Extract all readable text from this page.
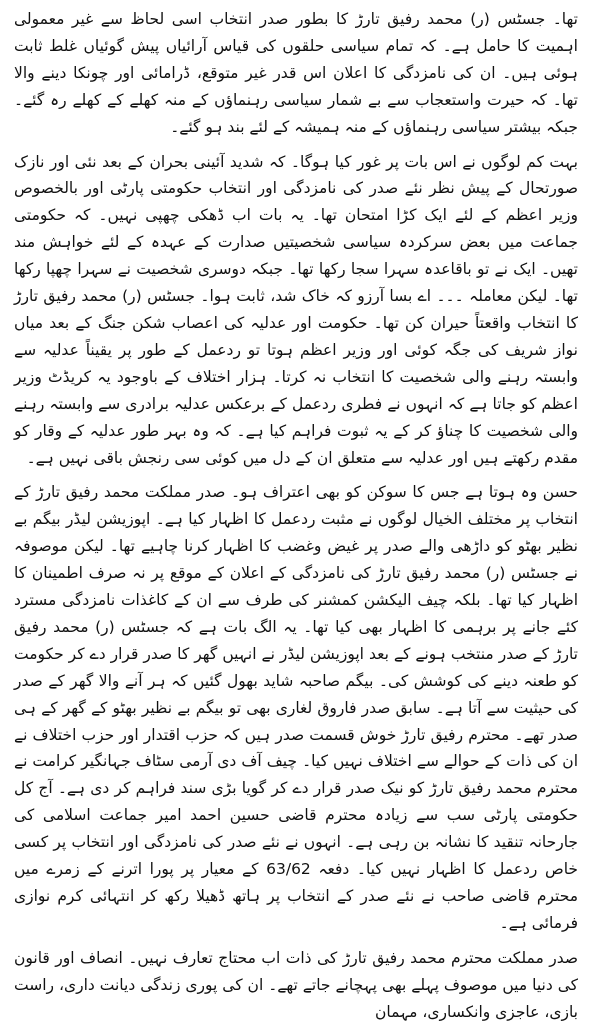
تھا۔ جسٹس (ر) محمد رفیق تارڑ کا بطور صدر انتخاب اسی لحاظ سے غیر معمولی اہمیت کا حامل ہے۔ کہ تمام سیاسی حلقوں کی قیاس آرائیاں پیش گوئیاں غلط ثابت ہوئی ہیں۔ ان کی نامزدگی کا اعلان اس قدر غیر متوقع، ڈرامائی اور چونکا دینے والا تھا۔ کہ حیرت واستعجاب سے بے شمار سیاسی رہنماؤں کے منہ کھلے کے کھلے رہ گئے۔ جبکہ بیشتر سیاسی رہنماؤں کے منہ ہمیشہ کے لئے بند ہو گئے۔

بہت کم لوگوں نے اس بات پر غور کیا ہوگا۔ کہ شدید آئینی بحران کے بعد نئی اور نازک صورتحال کے پیش نظر نئے صدر کی نامزدگی اور انتخاب حکومتی پارٹی اور بالخصوص وزیر اعظم کے لئے ایک کڑا امتحان تھا۔ یہ بات اب ڈھکی چھپی نہیں۔ کہ حکومتی جماعت میں بعض سرکردہ سیاسی شخصیتیں صدارت کے عہدہ کے لئے خواہش مند تھیں۔ ایک نے تو باقاعدہ سہرا سجا رکھا تھا۔ جبکہ دوسری شخصیت نے سہرا چھپا رکھا تھا۔ لیکن معاملہ ۔۔۔ اے بسا آرزو کہ خاک شد، ثابت ہوا۔ جسٹس (ر) محمد رفیق تارڑ کا انتخاب واقعتاً حیران کن تھا۔ حکومت اور عدلیہ کی اعصاب شکن جنگ کے بعد میاں نواز شریف کی جگہ کوئی اور وزیر اعظم ہوتا تو ردعمل کے طور پر یقیناً عدلیہ سے وابستہ رہنے والی شخصیت کا انتخاب نہ کرتا۔ ہزار اختلاف کے باوجود یہ کریڈٹ وزیر اعظم کو جاتا ہے کہ انہوں نے فطری ردعمل کے برعکس عدلیہ برادری سے وابستہ رہنے والی شخصیت کا چناؤ کر کے یہ ثبوت فراہم کیا ہے۔ کہ وہ بہر طور عدلیہ کے وقار کو مقدم رکھتے ہیں اور عدلیہ سے متعلق ان کے دل میں کوئی سی رنجش باقی نہیں ہے۔

حسن وہ ہوتا ہے جس کا سوکن کو بھی اعتراف ہو۔ صدر مملکت محمد رفیق تارڑ کے انتخاب پر مختلف الخیال لوگوں نے مثبت ردعمل کا اظہار کیا ہے۔ اپوزیشن لیڈر بیگم بے نظیر بھٹو کو داڑھی والے صدر پر غیض وغضب کا اظہار کرنا چاہیے تھا۔ لیکن موصوفہ نے جسٹس (ر) محمد رفیق تارڑ کی نامزدگی کے اعلان کے موقع پر نہ صرف اطمینان کا اظہار کیا تھا۔ بلکہ چیف الیکشن کمشنر کی طرف سے ان کے کاغذات نامزدگی مسترد کئے جانے پر برہمی کا اظہار بھی کیا تھا۔ یہ الگ بات ہے کہ جسٹس (ر) محمد رفیق تارڑ کے صدر منتخب ہونے کے بعد اپوزیشن لیڈر نے انہیں گھر کا صدر قرار دے کر حکومت کو طعنہ دینے کی کوشش کی۔ بیگم صاحبہ شاید بھول گئیں کہ ہر آنے والا گھر کے صدر کی حیثیت سے آتا ہے۔ سابق صدر فاروق لغاری بھی تو بیگم بے نظیر بھٹو کے گھر کے ہی صدر تھے۔ محترم رفیق تارڑ خوش قسمت صدر ہیں کہ حزب اقتدار اور حزب اختلاف نے ان کی ذات کے حوالے سے اختلاف نہیں کیا۔ چیف آف دی آرمی سٹاف جہانگیر کرامت نے محترم محمد رفیق تارڑ کو نیک صدر قرار دے کر گویا بڑی سند فراہم کر دی ہے۔ آج کل حکومتی پارٹی سب سے زیادہ محترم قاضی حسین احمد امیر جماعت اسلامی کی جارحانہ تنقید کا نشانہ بن رہی ہے۔ انہوں نے نئے صدر کی نامزدگی اور انتخاب پر کسی خاص ردعمل کا اظہار نہیں کیا۔ دفعہ 63/62 کے معیار پر پورا اترنے کے زمرے میں محترم قاضی صاحب نے نئے صدر کے انتخاب پر ہاتھ ڈھیلا رکھ کر انتہائی کرم نوازی فرمائی ہے۔

صدر مملکت محترم محمد رفیق تارڑ کی ذات اب محتاج تعارف نہیں۔ انصاف اور قانون کی دنیا میں موصوف پہلے بھی پہچانے جاتے تھے۔ ان کی پوری زندگی دیانت داری، راست بازی، عاجزی وانکساری، مہمان
